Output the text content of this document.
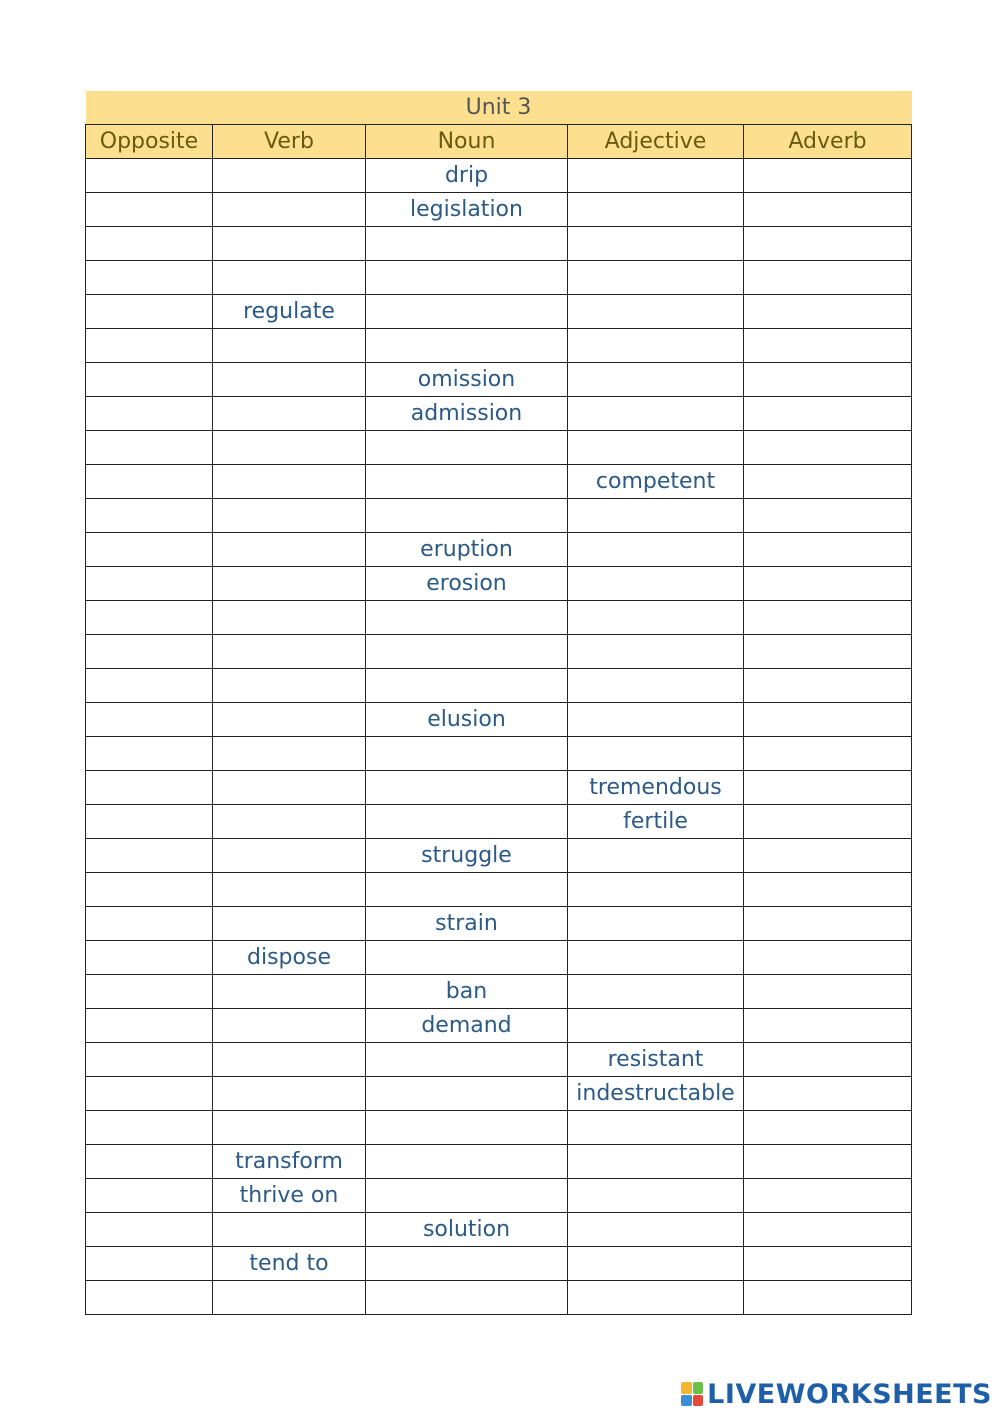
Unit 3				
Opposite	Verb	Noun	Adjective	Adverb
		drip		
		legislation		

	regulate			

		omission		
		admission		

			competent	

		eruption		
		erosion		

		elusion		

			tremendous	
			fertile	
		struggle		

		strain		
	dispose			
		ban		
		demand		
			resistant	
			indestructable	

	transform			
	thrive on			
		solution		
	tend to			

LIVEWORKSHEETS
